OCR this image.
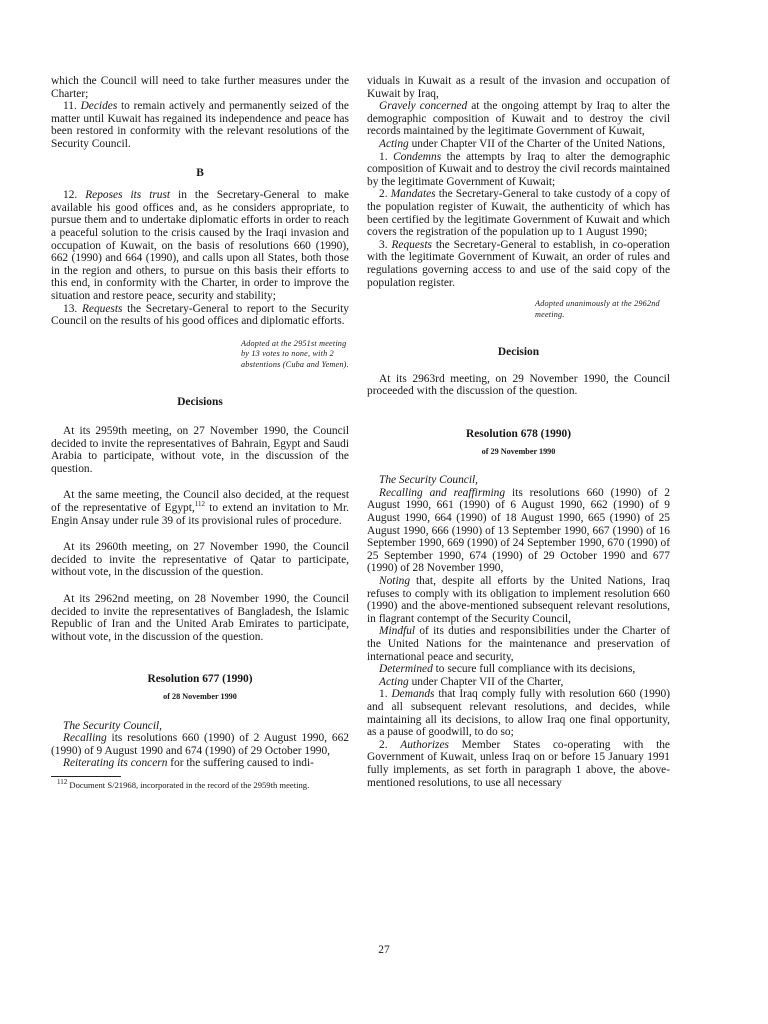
which the Council will need to take further measures under the Charter;

11. Decides to remain actively and permanently seized of the matter until Kuwait has regained its independence and peace has been restored in conformity with the relevant resolutions of the Security Council.

B

12. Reposes its trust in the Secretary-General to make available his good offices and, as he considers appropriate, to pursue them and to undertake diplomatic efforts in order to reach a peaceful solution to the crisis caused by the Iraqi invasion and occupation of Kuwait, on the basis of resolutions 660 (1990), 662 (1990) and 664 (1990), and calls upon all States, both those in the region and others, to pursue on this basis their efforts to this end, in conformity with the Charter, in order to improve the situation and restore peace, security and stability;

13. Requests the Secretary-General to report to the Security Council on the results of his good offices and diplomatic efforts.

Adopted at the 2951st meeting by 13 votes to none, with 2 abstentions (Cuba and Yemen).

Decisions

At its 2959th meeting, on 27 November 1990, the Council decided to invite the representatives of Bahrain, Egypt and Saudi Arabia to participate, without vote, in the discussion of the question.

At the same meeting, the Council also decided, at the request of the representative of Egypt,$^{112}$ to extend an invitation to Mr. Engin Ansay under rule 39 of its provisional rules of procedure.

At its 2960th meeting, on 27 November 1990, the Council decided to invite the representative of Qatar to participate, without vote, in the discussion of the question.

At its 2962nd meeting, on 28 November 1990, the Council decided to invite the representatives of Bangladesh, the Islamic Republic of Iran and the United Arab Emirates to participate, without vote, in the discussion of the question.

Resolution 677 (1990)

of 28 November 1990

The Security Council,

Recalling its resolutions 660 (1990) of 2 August 1990, 662 (1990) of 9 August 1990 and 674 (1990) of 29 October 1990,

Reiterating its concern for the suffering caused to indi-

$^{112}$ Document S/21968, incorporated in the record of the 2959th meeting.

viduals in Kuwait as a result of the invasion and occupation of Kuwait by Iraq,

Gravely concerned at the ongoing attempt by Iraq to alter the demographic composition of Kuwait and to destroy the civil records maintained by the legitimate Government of Kuwait,

Acting under Chapter VII of the Charter of the United Nations,

1. Condemns the attempts by Iraq to alter the demographic composition of Kuwait and to destroy the civil records maintained by the legitimate Government of Kuwait;

2. Mandates the Secretary-General to take custody of a copy of the population register of Kuwait, the authenticity of which has been certified by the legitimate Government of Kuwait and which covers the registration of the population up to 1 August 1990;

3. Requests the Secretary-General to establish, in co-operation with the legitimate Government of Kuwait, an order of rules and regulations governing access to and use of the said copy of the population register.

Adopted unanimously at the 2962nd meeting.

Decision

At its 2963rd meeting, on 29 November 1990, the Council proceeded with the discussion of the question.

Resolution 678 (1990)

of 29 November 1990

The Security Council,

Recalling and reaffirming its resolutions 660 (1990) of 2 August 1990, 661 (1990) of 6 August 1990, 662 (1990) of 9 August 1990, 664 (1990) of 18 August 1990, 665 (1990) of 25 August 1990, 666 (1990) of 13 September 1990, 667 (1990) of 16 September 1990, 669 (1990) of 24 September 1990, 670 (1990) of 25 September 1990, 674 (1990) of 29 October 1990 and 677 (1990) of 28 November 1990,

Noting that, despite all efforts by the United Nations, Iraq refuses to comply with its obligation to implement resolution 660 (1990) and the above-mentioned subsequent relevant resolutions, in flagrant contempt of the Security Council,

Mindful of its duties and responsibilities under the Charter of the United Nations for the maintenance and preservation of international peace and security,

Determined to secure full compliance with its decisions,

Acting under Chapter VII of the Charter,

1. Demands that Iraq comply fully with resolution 660 (1990) and all subsequent relevant resolutions, and decides, while maintaining all its decisions, to allow Iraq one final opportunity, as a pause of goodwill, to do so;

2. Authorizes Member States co-operating with the Government of Kuwait, unless Iraq on or before 15 January 1991 fully implements, as set forth in paragraph 1 above, the above-mentioned resolutions, to use all necessary

27
